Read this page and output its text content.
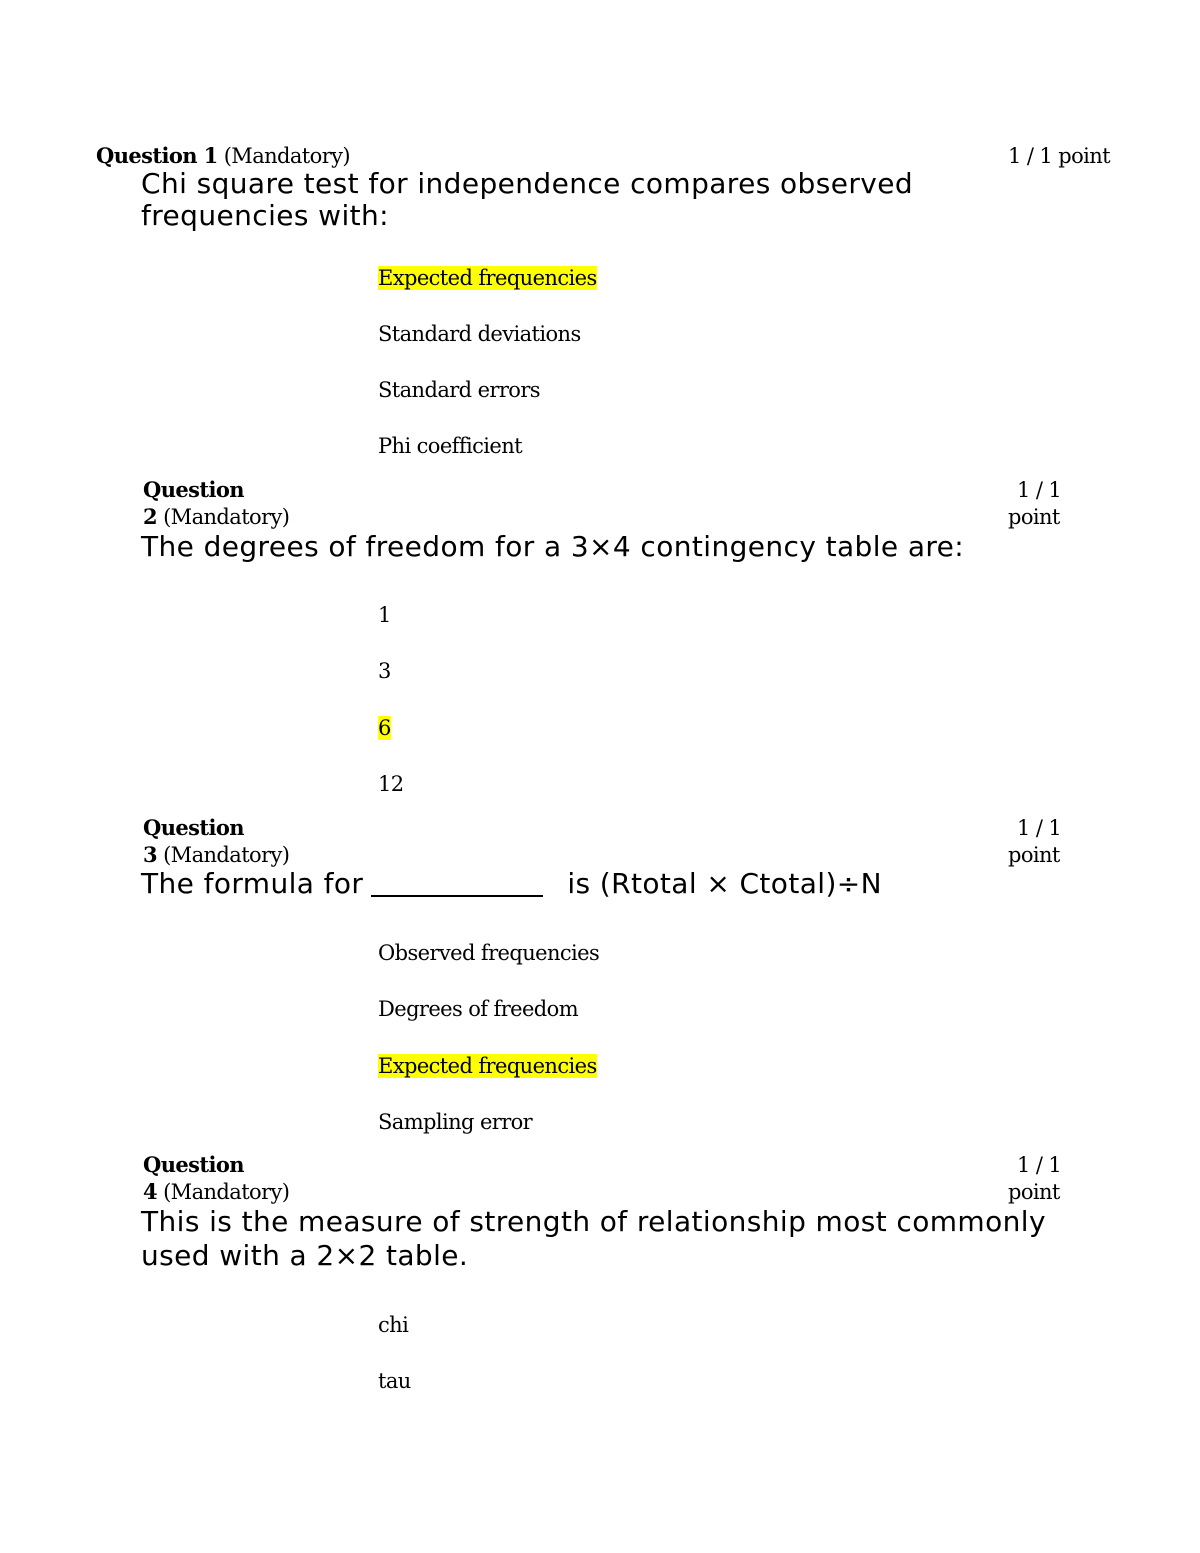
Question 1 (Mandatory)	1 / 1 point
Chi square test for independence compares observed
frequencies with:
Expected frequencies
Standard deviations
Standard errors
Phi coefficient
Question
2 (Mandatory)
1 / 1
point
The degrees of freedom for a 3×4 contingency table are:
1
3
6
12
Question
3 (Mandatory)
1 / 1
point
The formula for	is (Rtotal × Ctotal)÷N
Observed frequencies
Degrees of freedom
Expected frequencies
Sampling error
Question
4 (Mandatory)
1 / 1
point
This is the measure of strength of relationship most commonly
used with a 2×2 table.
chi
tau
